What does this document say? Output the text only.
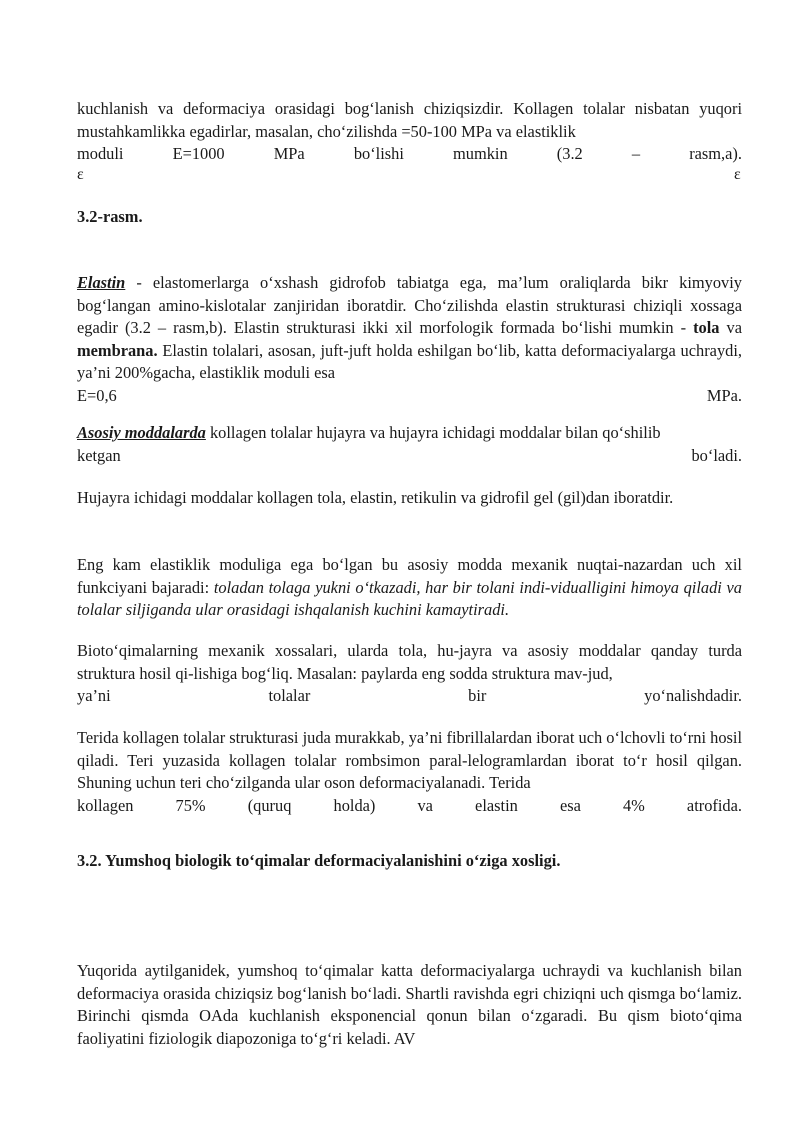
kuchlanish va deformaciya orasidagi bog‘lanish chiziqsizdir. Kollagen tolalar nisbatan yuqori mustahkamlikka egadirlar, masalan, cho‘zilishda =50-100 MPa va elastiklik
moduli E=1000 MPa bo‘lishi mumkin (3.2 – rasm,a).
ε	ε
3.2-rasm.
Elastin - elastomerlarga o‘xshash gidrofob tabiatga ega, ma’lum oraliqlarda bikr kimyoviy bog‘langan amino-kislotalar zanjiridan iboratdir. Cho‘zilishda elastin strukturasi chiziqli xossaga egadir (3.2 – rasm,b). Elastin strukturasi ikki xil morfologik formada bo‘lishi mumkin - tola va membrana. Elastin tolalari, asosan, juft-juft holda eshilgan bo‘lib, katta deformaciyalarga uchraydi, ya’ni 200%gacha, elastiklik moduli esa
E=0,6 MPa.
Asosiy moddalarda kollagen tolalar hujayra va hujayra ichidagi moddalar bilan qo‘shilib
ketgan bo‘ladi.
Hujayra ichidagi moddalar kollagen tola, elastin, retikulin va gidrofil gel (gil)dan iboratdir.
Eng kam elastiklik moduliga ega bo‘lgan bu asosiy modda mexanik nuqtai-nazardan uch xil funkciyani bajaradi: toladan tolaga yukni o‘tkazadi, har bir tolani indi-vidualligini himoya qiladi va tolalar siljiganda ular orasidagi ishqalanish kuchini kamaytiradi.
Bioto‘qimalarning mexanik xossalari, ularda tola, hu-jayra va asosiy moddalar qanday turda struktura hosil qi-lishiga bog‘liq. Masalan: paylarda eng sodda struktura mav-jud,
ya’ni tolalar bir yo‘nalishdadir.
Terida kollagen tolalar strukturasi juda murakkab, ya’ni fibrillalardan iborat uch o‘lchovli to‘rni hosil qiladi. Teri yuzasida kollagen tolalar rombsimon paral-lelogramlardan iborat to‘r hosil qilgan. Shuning uchun teri cho‘zilganda ular oson deformaciyalanadi. Terida
kollagen 75% (quruq holda) va elastin esa 4% atrofida.
3.2. Yumshoq biologik to‘qimalar deformaciyalanishini o‘ziga xosligi.
Yuqorida aytilganidek, yumshoq to‘qimalar katta deformaciyalarga uchraydi va kuchlanish bilan deformaciya orasida chiziqsiz bog‘lanish bo‘ladi. Shartli ravishda egri chiziqni uch qismga bo‘lamiz. Birinchi qismda OAda kuchlanish eksponencial qonun bilan o‘zgaradi. Bu qism bioto‘qima faoliyatini fiziologik diapozoniga to‘g‘ri keladi. AV
